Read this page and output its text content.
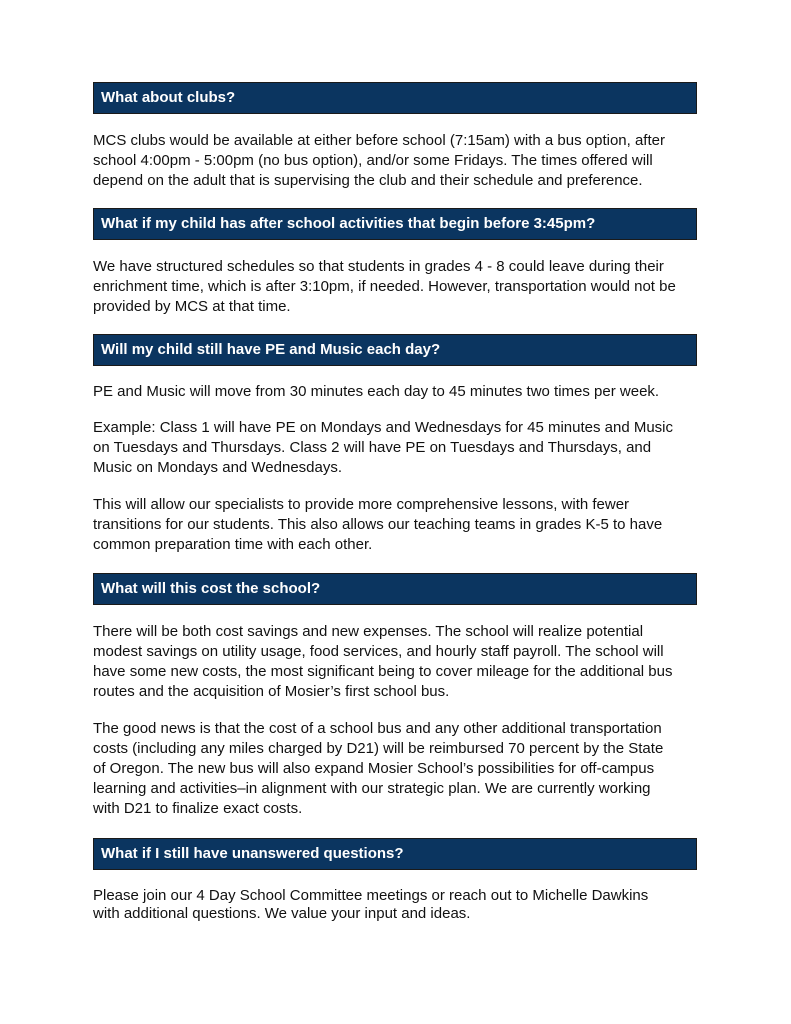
What about clubs?
MCS clubs would be available at either before school (7:15am) with a bus option, after
school 4:00pm - 5:00pm (no bus option), and/or some Fridays. The times offered will
depend on the adult that is supervising the club and their schedule and preference.
What if my child has after school activities that begin before 3:45pm?
We have structured schedules so that students in grades 4 - 8 could leave during their
enrichment time, which is after 3:10pm, if needed. However, transportation would not be
provided by MCS at that time.
Will my child still have PE and Music each day?
PE and Music will move from 30 minutes each day to 45 minutes two times per week.
Example: Class 1 will have PE on Mondays and Wednesdays for 45 minutes and Music
on Tuesdays and Thursdays. Class 2 will have PE on Tuesdays and Thursdays, and
Music on Mondays and Wednesdays.
This will allow our specialists to provide more comprehensive lessons, with fewer
transitions for our students. This also allows our teaching teams in grades K-5 to have
common preparation time with each other.
What will this cost the school?
There will be both cost savings and new expenses. The school will realize potential
modest savings on utility usage, food services, and hourly staff payroll. The school will
have some new costs, the most significant being to cover mileage for the additional bus
routes and the acquisition of Mosier’s first school bus.
The good news is that the cost of a school bus and any other additional transportation
costs (including any miles charged by D21) will be reimbursed 70 percent by the State
of Oregon. The new bus will also expand Mosier School’s possibilities for off-campus
learning and activities–in alignment with our strategic plan. We are currently working
with D21 to finalize exact costs.
What if I still have unanswered questions?
Please join our 4 Day School Committee meetings or reach out to Michelle Dawkins
with additional questions. We value your input and ideas.
